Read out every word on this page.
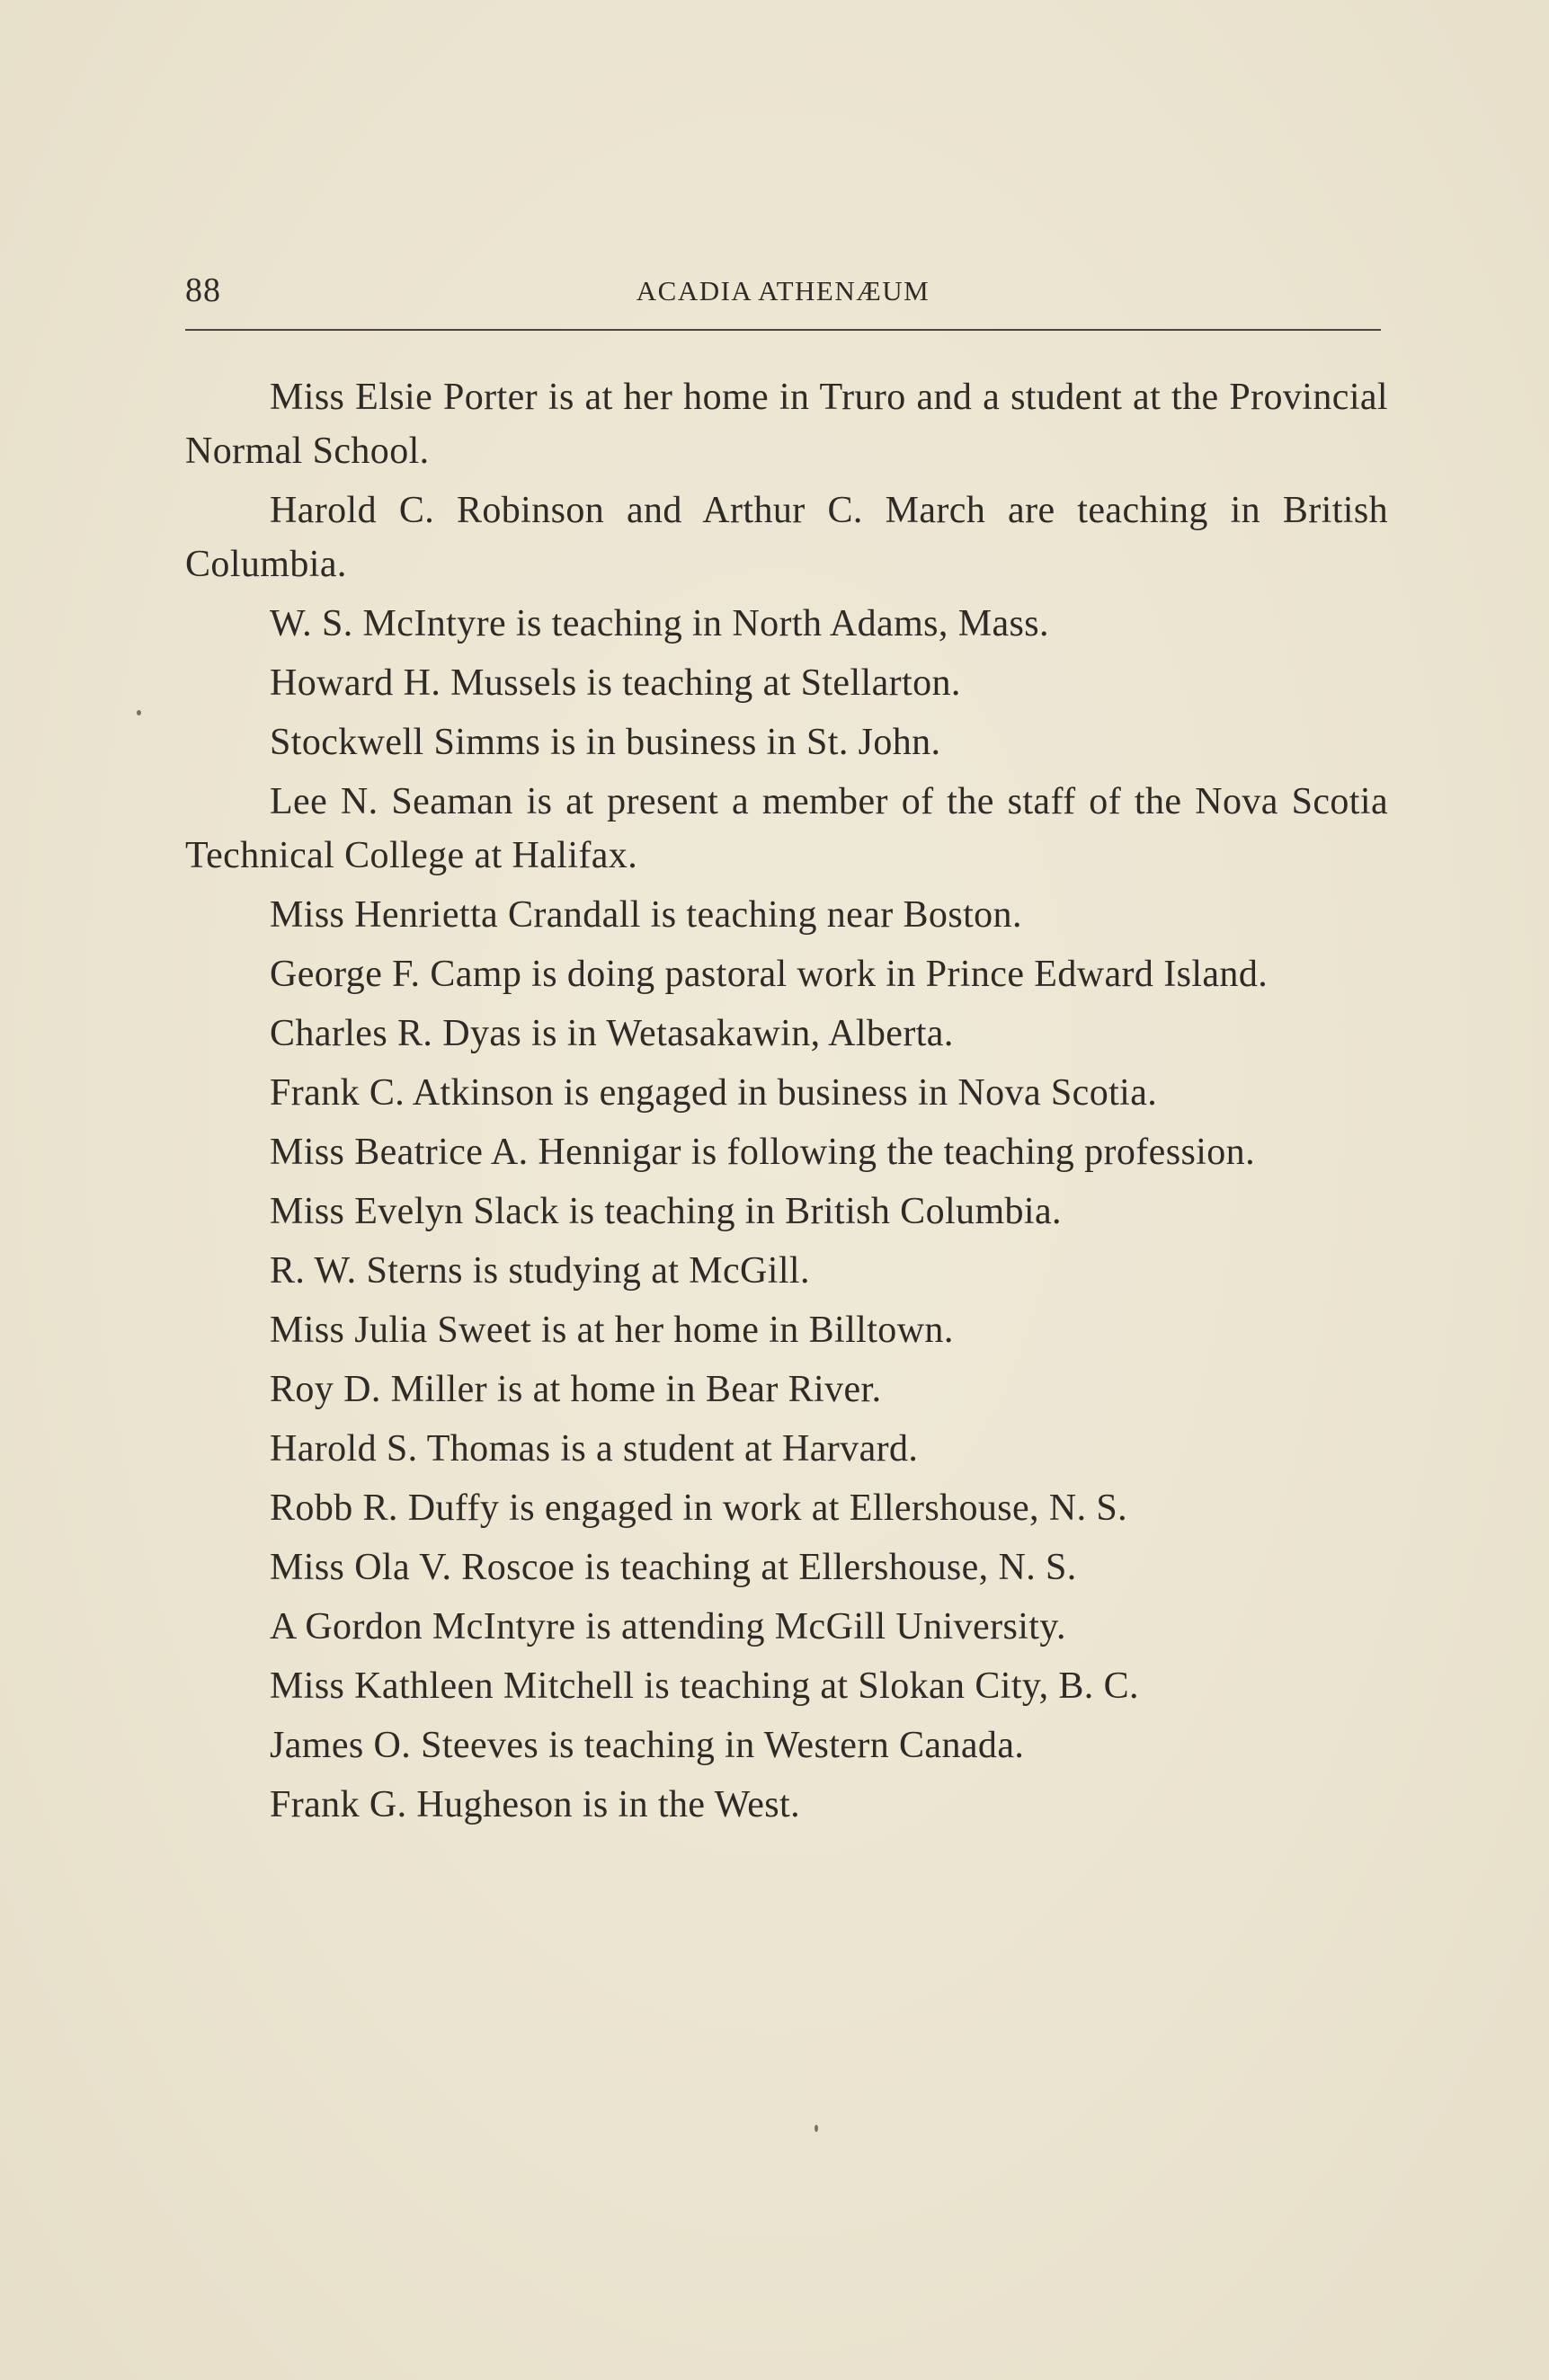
88	ACADIA ATHENÆUM

Miss Elsie Porter is at her home in Truro and a student at the Provincial Normal School.

Harold C. Robinson and Arthur C. March are teaching in British Columbia.

W. S. McIntyre is teaching in North Adams, Mass.

Howard H. Mussels is teaching at Stellarton.

Stockwell Simms is in business in St. John.

Lee N. Seaman is at present a member of the staff of the Nova Scotia Technical College at Halifax.

Miss Henrietta Crandall is teaching near Boston.

George F. Camp is doing pastoral work in Prince Edward Island.

Charles R. Dyas is in Wetasakawin, Alberta.

Frank C. Atkinson is engaged in business in Nova Scotia.

Miss Beatrice A. Hennigar is following the teaching profession.

Miss Evelyn Slack is teaching in British Columbia.

R. W. Sterns is studying at McGill.

Miss Julia Sweet is at her home in Billtown.

Roy D. Miller is at home in Bear River.

Harold S. Thomas is a student at Harvard.

Robb R. Duffy is engaged in work at Ellershouse, N. S.

Miss Ola V. Roscoe is teaching at Ellershouse, N. S.

A Gordon McIntyre is attending McGill University.

Miss Kathleen Mitchell is teaching at Slokan City, B. C.

James O. Steeves is teaching in Western Canada.

Frank G. Hugheson is in the West.
